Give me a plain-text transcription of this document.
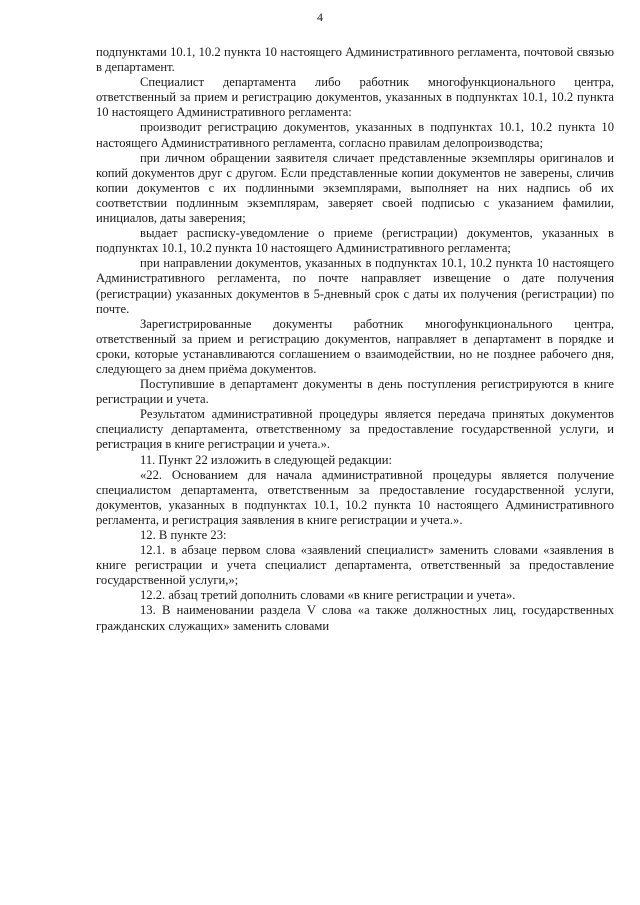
4

подпунктами 10.1, 10.2 пункта 10 настоящего Административного регламента, почтовой связью в департамент.

Специалист департамента либо работник многофункционального центра, ответственный за прием и регистрацию документов, указанных в подпунктах 10.1, 10.2 пункта 10 настоящего Административного регламента:

производит регистрацию документов, указанных в подпунктах 10.1, 10.2 пункта 10 настоящего Административного регламента, согласно правилам делопроизводства;

при личном обращении заявителя сличает представленные экземпляры оригиналов и копий документов друг с другом. Если представленные копии документов не заверены, сличив копии документов с их подлинными экземплярами, выполняет на них надпись об их соответствии подлинным экземплярам, заверяет своей подписью с указанием фамилии, инициалов, даты заверения;

выдает расписку-уведомление о приеме (регистрации) документов, указанных в подпунктах 10.1, 10.2 пункта 10 настоящего Административного регламента;

при направлении документов, указанных в подпунктах 10.1, 10.2 пункта 10 настоящего Административного регламента, по почте направляет извещение о дате получения (регистрации) указанных документов в 5-дневный срок с даты их получения (регистрации) по почте.

Зарегистрированные документы работник многофункционального центра, ответственный за прием и регистрацию документов, направляет в департамент в порядке и сроки, которые устанавливаются соглашением о взаимодействии, но не позднее рабочего дня, следующего за днем приёма документов.

Поступившие в департамент документы в день поступления регистрируются в книге регистрации и учета.

Результатом административной процедуры является передача принятых документов специалисту департамента, ответственному за предоставление государственной услуги, и регистрация в книге регистрации и учета.».

11. Пункт 22 изложить в следующей редакции:

«22. Основанием для начала административной процедуры является получение специалистом департамента, ответственным за предоставление государственной услуги, документов, указанных в подпунктах 10.1, 10.2 пункта 10 настоящего Административного регламента, и регистрация заявления в книге регистрации и учета.».

12. В пункте 23:

12.1. в абзаце первом слова «заявлений специалист» заменить словами «заявления в книге регистрации и учета специалист департамента, ответственный за предоставление государственной услуги,»;

12.2. абзац третий дополнить словами «в книге регистрации и учета».

13. В наименовании раздела V слова «а также должностных лиц, государственных гражданских служащих» заменить словами
